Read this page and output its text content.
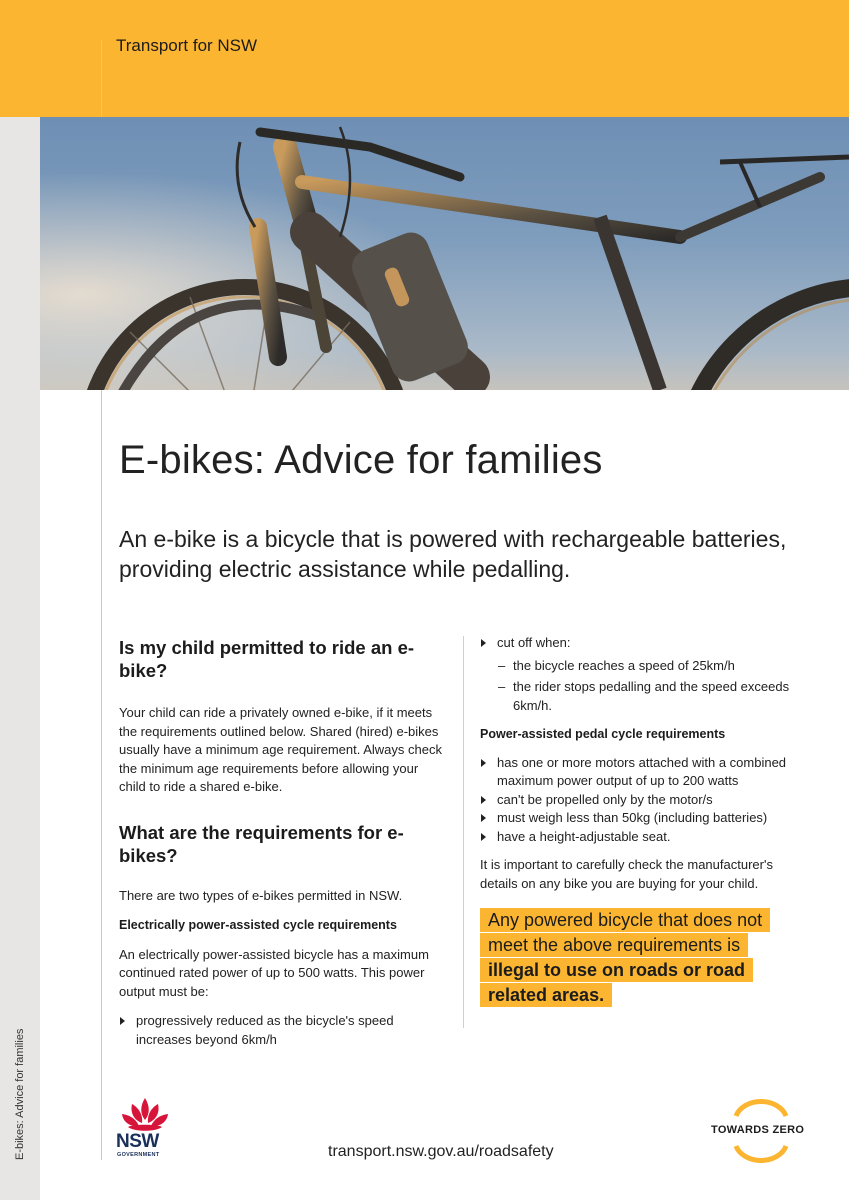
Transport for NSW
E-bikes: Advice for families
E-bikes: Advice for families

An e-bike is a bicycle that is powered with rechargeable batteries, providing electric assistance while pedalling.

Is my child permitted to ride an e-bike?

Your child can ride a privately owned e-bike, if it meets the requirements outlined below. Shared (hired) e-bikes usually have a minimum age requirement. Always check the minimum age requirements before allowing your child to ride a shared e-bike.

What are the requirements for e-bikes?

There are two types of e-bikes permitted in NSW.

Electrically power-assisted cycle requirements

An electrically power-assisted bicycle has a maximum continued rated power of up to 500 watts. This power output must be:

progressively reduced as the bicycle's speed increases beyond 6km/h
cut off when:
– the bicycle reaches a speed of 25km/h
– the rider stops pedalling and the speed exceeds 6km/h.
Power-assisted pedal cycle requirements
has one or more motors attached with a combined maximum power output of up to 200 watts
can't be propelled only by the motor/s
must weigh less than 50kg (including batteries)
have a height-adjustable seat.

It is important to carefully check the manufacturer's details on any bike you are buying for your child.

Any powered bicycle that does not meet the above requirements is illegal to use on roads or road related areas.
NSW
GOVERNMENT	transport.nsw.gov.au/roadsafety
TOWARDS ZERO
